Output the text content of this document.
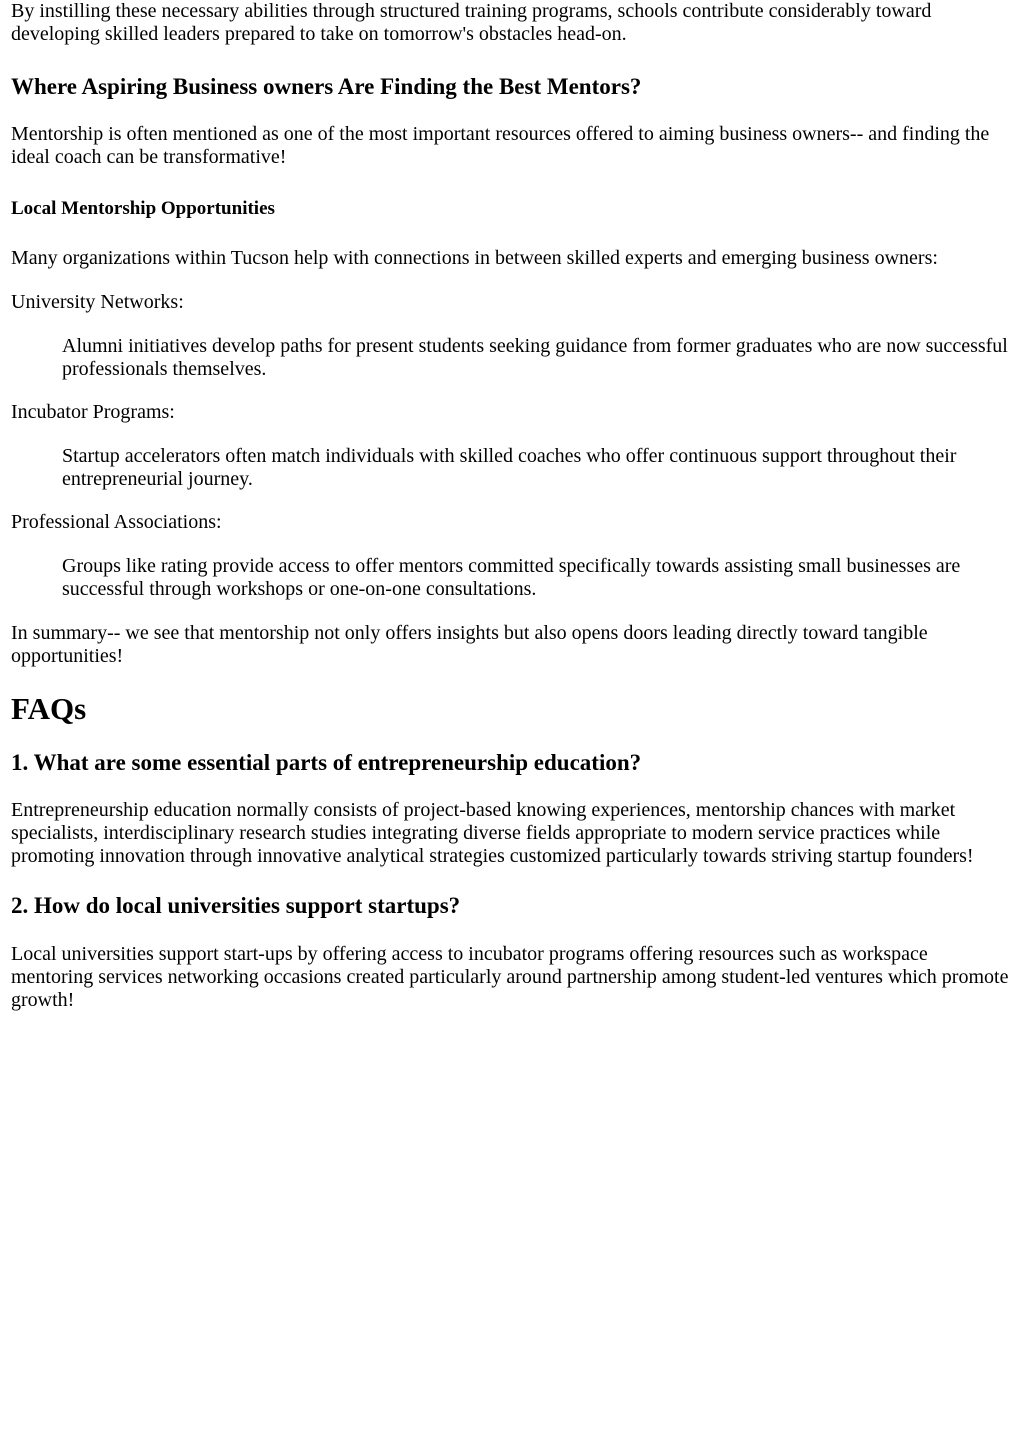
By instilling these necessary abilities through structured training programs, schools contribute considerably toward developing skilled leaders prepared to take on tomorrow's obstacles head-on.

Where Aspiring Business owners Are Finding the Best Mentors?

Mentorship is often mentioned as one of the most important resources offered to aiming business owners-- and finding the ideal coach can be transformative!

Local Mentorship Opportunities

Many organizations within Tucson help with connections in between skilled experts and emerging business owners:

University Networks:
Alumni initiatives develop paths for present students seeking guidance from former graduates who are now successful professionals themselves.
Incubator Programs:
Startup accelerators often match individuals with skilled coaches who offer continuous support throughout their entrepreneurial journey.
Professional Associations:
Groups like rating provide access to offer mentors committed specifically towards assisting small businesses are successful through workshops or one-on-one consultations.

In summary-- we see that mentorship not only offers insights but also opens doors leading directly toward tangible opportunities!

FAQs
1. What are some essential parts of entrepreneurship education?

Entrepreneurship education normally consists of project-based knowing experiences, mentorship chances with market specialists, interdisciplinary research studies integrating diverse fields appropriate to modern service practices while promoting innovation through innovative analytical strategies customized particularly towards striving startup founders!

2. How do local universities support startups?

Local universities support start-ups by offering access to incubator programs offering resources such as workspace mentoring services networking occasions created particularly around partnership among student-led ventures which promote growth!
